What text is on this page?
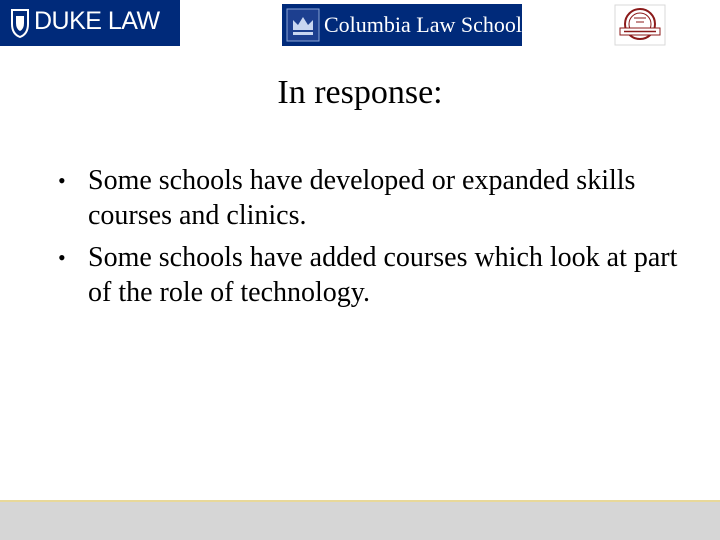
DUKE LAW	Columbia Law School
In response:
• Some schools have developed or expanded skills courses and clinics.
• Some schools have added courses which look at part of the role of technology.
